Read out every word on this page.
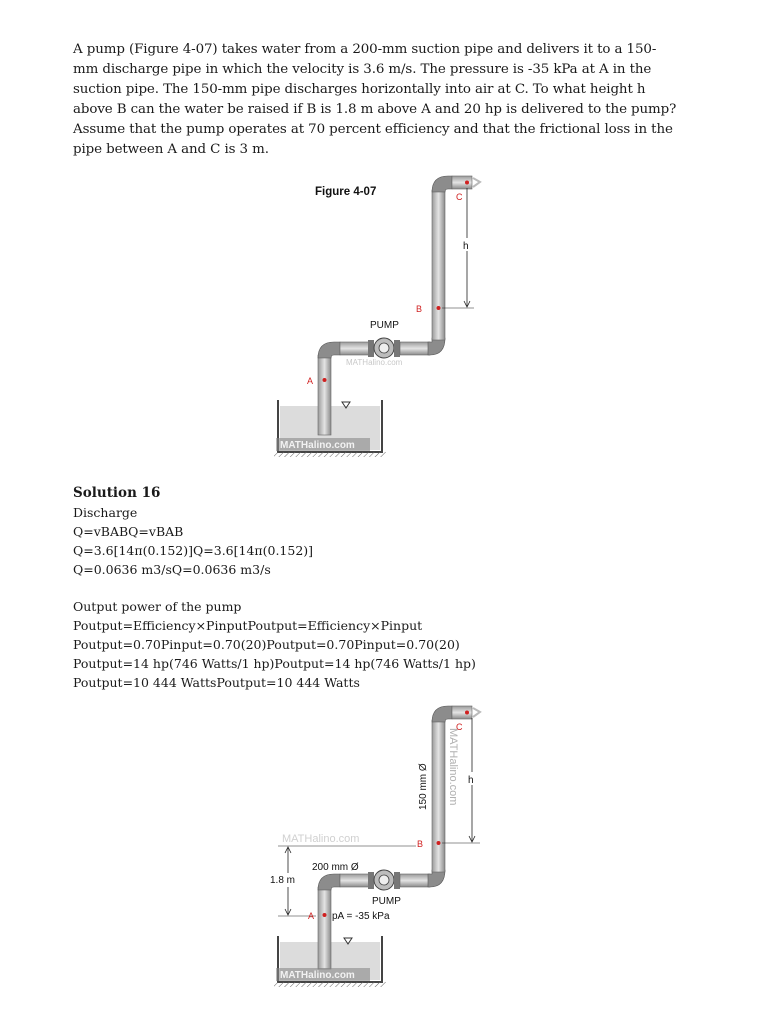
A pump (Figure 4-07) takes water from a 200-mm suction pipe and delivers it to a 150-
mm discharge pipe in which the velocity is 3.6 m/s. The pressure is -35 kPa at A in the
suction pipe. The 150-mm pipe discharges horizontally into air at C. To what height h
above B can the water be raised if B is 1.8 m above A and 20 hp is delivered to the pump?
Assume that the pump operates at 70 percent efficiency and that the frictional loss in the
pipe between A and C is 3 m.
Figure 4-07
A
PUMP
MATHalino.com
B
C
h
MATHalino.com
Solution 16
Discharge
Q=vBABQ=vBAB
Q=3.6[14π(0.152)]Q=3.6[14π(0.152)]
Q=0.0636 m3/sQ=0.0636 m3/s
Output power of the pump
Poutput=Efficiency×PinputPoutput=Efficiency×Pinput
Poutput=0.70Pinput=0.70(20)Poutput=0.70Pinput=0.70(20)
Poutput=14 hp(746 Watts/1 hp)Poutput=14 hp(746 Watts/1 hp)
Poutput=10 444 WattsPoutput=10 444 Watts
1.8 m
A pA = -35 kPa
200 mm Ø
PUMP
B
C
h
150 mm Ø MATHalino.com
MATHalino.com
MATHalino.com
